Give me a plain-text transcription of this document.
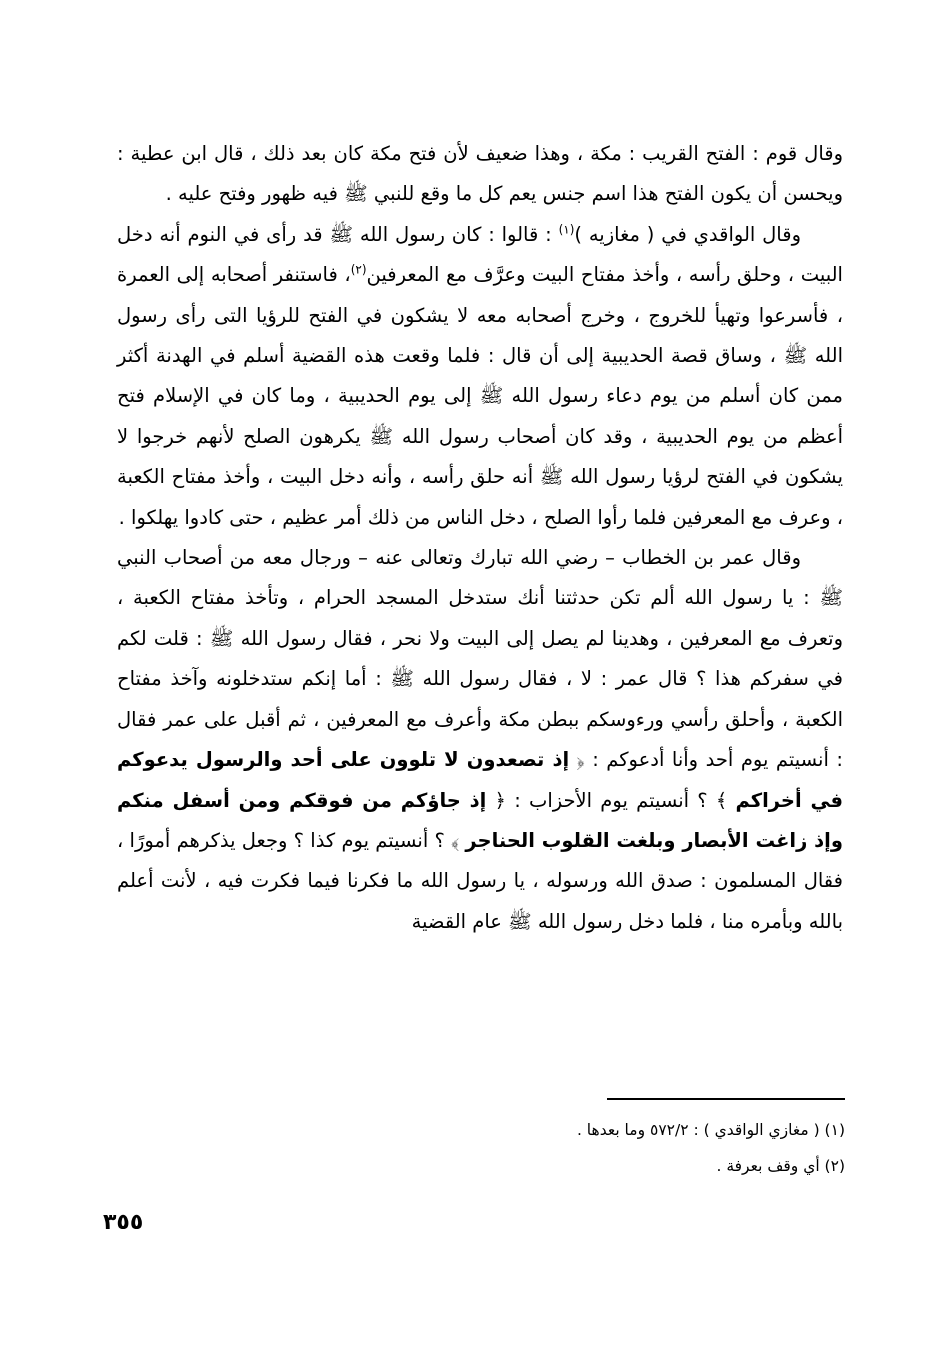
وقال قوم : الفتح القريب : مكة ، وهذا ضعيف لأن فتح مكة كان بعد ذلك ، قال ابن عطية : ويحسن أن يكون الفتح هذا اسم جنس يعم كل ما وقع للنبي ﷺ فيه ظهور وفتح عليه .

وقال الواقدي في ( مغازيه )$^{(١)}$ : قالوا : كان رسول الله ﷺ قد رأى في النوم أنه دخل البيت ، وحلق رأسه ، وأخذ مفتاح البيت وعرَّف مع المعرفين$^{(٢)}$، فاستنفر أصحابه إلى العمرة ، فأسرعوا وتهيأ للخروج ، وخرج أصحابه معه لا يشكون في الفتح للرؤيا التى رأى رسول الله ﷺ ، وساق قصة الحديبية إلى أن قال : فلما وقعت هذه القضية أسلم في الهدنة أكثر ممن كان أسلم من يوم دعاء رسول الله ﷺ إلى يوم الحديبية ، وما كان في الإسلام فتح أعظم من يوم الحديبية ، وقد كان أصحاب رسول الله ﷺ يكرهون الصلح لأنهم خرجوا لا يشكون في الفتح لرؤيا رسول الله ﷺ أنه حلق رأسه ، وأنه دخل البيت ، وأخذ مفتاح الكعبة ، وعرف مع المعرفين فلما رأوا الصلح ، دخل الناس من ذلك أمر عظيم ، حتى كادوا يهلكوا .

وقال عمر بن الخطاب – رضي الله تبارك وتعالى عنه – ورجال معه من أصحاب النبي ﷺ : يا رسول الله ألم تكن حدثتنا أنك ستدخل المسجد الحرام ، وتأخذ مفتاح الكعبة ، وتعرف مع المعرفين ، وهدينا لم يصل إلى البيت ولا نحر ، فقال رسول الله ﷺ : قلت لكم في سفركم هذا ؟ قال عمر : لا ، فقال رسول الله ﷺ : أما إنكم ستدخلونه وآخذ مفتاح الكعبة ، وأحلق رأسي ورءوسكم ببطن مكة وأعرف مع المعرفين ، ثم أقبل على عمر فقال : أنسيتم يوم أحد وأنا أدعوكم : ﴿ إذ تصعدون لا تلوون على أحد والرسول يدعوكم في أخراكم ﴾ ؟ أنسيتم يوم الأحزاب : ﴿ إذ جاؤكم من فوقكم ومن أسفل منكم وإذ زاغت الأبصار وبلغت القلوب الحناجر ﴾ ؟ أنسيتم يوم كذا ؟ وجعل يذكرهم أمورًا ، فقال المسلمون : صدق الله ورسوله ، يا رسول الله ما فكرنا فيما فكرت فيه ، لأنت أعلم بالله وبأمره منا ، فلما دخل رسول الله ﷺ عام القضية

(١) ( مغازي الواقدي ) : ٥٧٢/٢ وما بعدها .
(٢) أي وقف بعرفة .
٣٥٥
